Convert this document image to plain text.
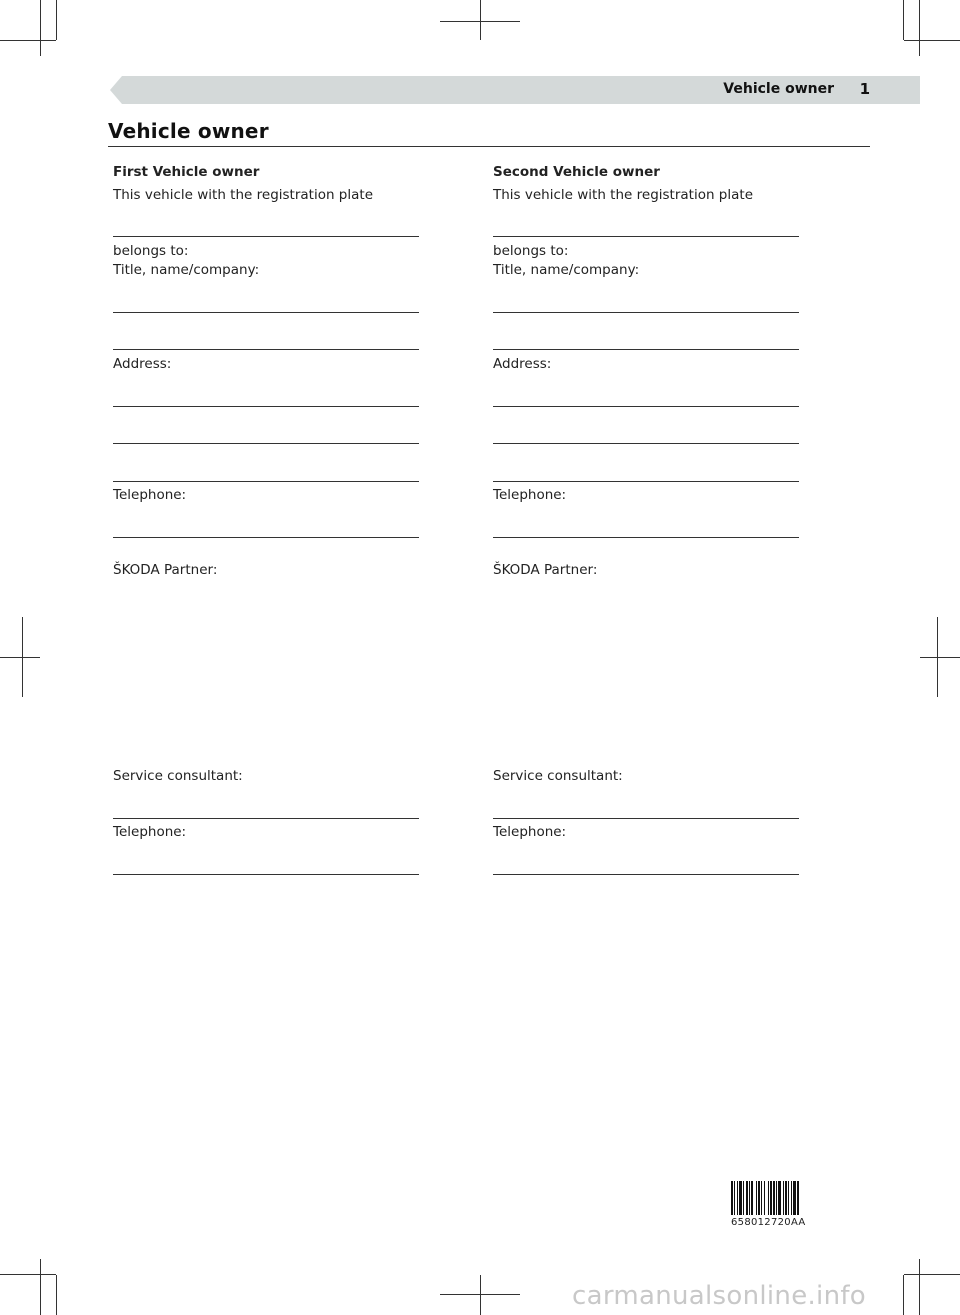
Vehicle owner 1
Vehicle owner
First Vehicle owner
This vehicle with the registration plate
belongs to:
Title, name/company:
Address:
Telephone:
ŠKODA Partner:
Service consultant:
Telephone:
Second Vehicle owner
This vehicle with the registration plate
belongs to:
Title, name/company:
Address:
Telephone:
ŠKODA Partner:
Service consultant:
Telephone:
658012720AA
carmanualsonline.info
